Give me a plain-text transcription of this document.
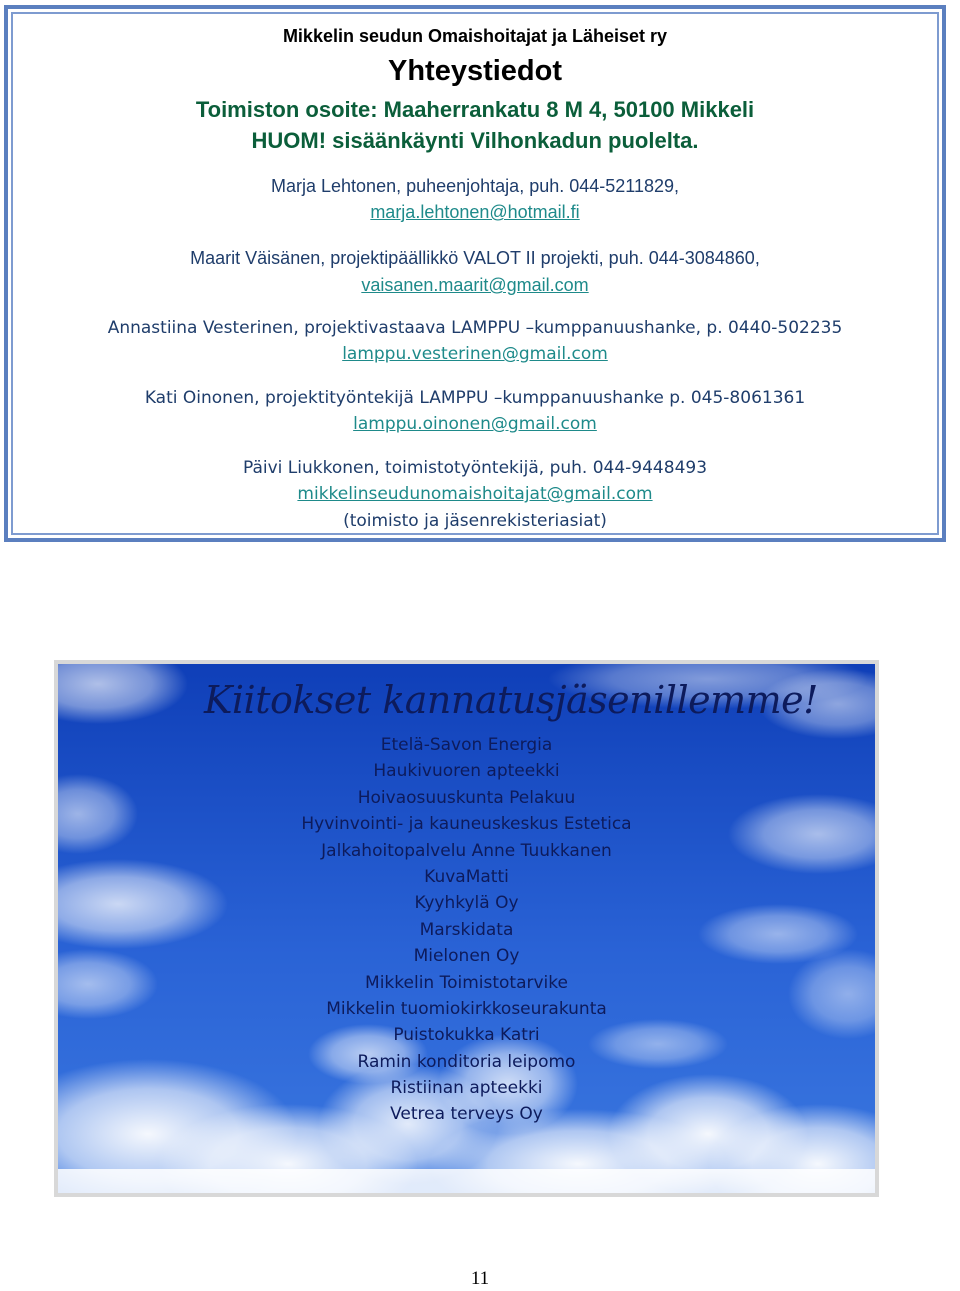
Mikkelin seudun Omaishoitajat ja Läheiset ry
Yhteystiedot
Toimiston osoite: Maaherrankatu 8 M 4, 50100 Mikkeli
HUOM! sisäänkäynti Vilhonkadun puolelta.
Marja Lehtonen, puheenjohtaja, puh. 044-5211829,
marja.lehtonen@hotmail.fi
Maarit Väisänen, projektipäällikkö VALOT II projekti, puh. 044-3084860,
vaisanen.maarit@gmail.com
Annastiina Vesterinen, projektivastaava LAMPPU –kumppanuushanke, p. 0440-502235
lamppu.vesterinen@gmail.com
Kati Oinonen, projektityöntekijä LAMPPU –kumppanuushanke p. 045-8061361
lamppu.oinonen@gmail.com
Päivi Liukkonen, toimistotyöntekijä, puh. 044-9448493
mikkelinseudunomaishoitajat@gmail.com
(toimisto ja jäsenrekisteriasiat)
Kiitokset kannatusjäsenillemme!
Etelä-Savon Energia
Haukivuoren apteekki
Hoivaosuuskunta Pelakuu
Hyvinvointi- ja kauneuskeskus Estetica
Jalkahoitopalvelu Anne Tuukkanen
KuvaMatti
Kyyhkylä Oy
Marskidata
Mielonen Oy
Mikkelin Toimistotarvike
Mikkelin tuomiokirkkoseurakunta
Puistokukka Katri
Ramin konditoria leipomo
Ristiinan apteekki
Vetrea terveys Oy
11
